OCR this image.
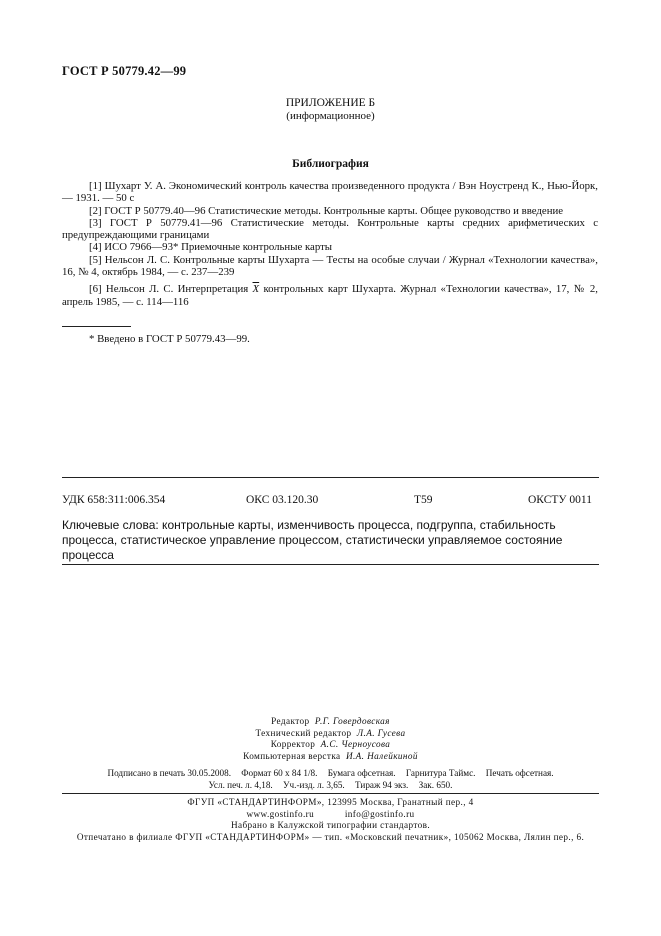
ГОСТ Р 50779.42—99
ПРИЛОЖЕНИЕ Б
(информационное)
Библиография

[1] Шухарт У. А. Экономический контроль качества произведенного продукта / Вэн Ноустренд К., Нью-Йорк, — 1931. — 50 с

[2] ГОСТ Р 50779.40—96 Статистические методы. Контрольные карты. Общее руководство и введение

[3] ГОСТ Р 50779.41—96 Статистические методы. Контрольные карты средних арифметических с предупреждающими границами

[4] ИСО 7966—93* Приемочные контрольные карты

[5] Нельсон Л. С. Контрольные карты Шухарта — Тесты на особые случаи / Журнал «Технологии качества», 16, № 4, октябрь 1984, — с. 237—239

[6] Нельсон Л. С. Интерпретация $\overline{X}$ контрольных карт Шухарта. Журнал «Технологии качества», 17, № 2, апрель 1985, — с. 114—116

* Введено в ГОСТ Р 50779.43—99.
УДК 658:311:006.354	ОКС 03.120.30	Т59	ОКСТУ 0011
Ключевые слова: контрольные карты, изменчивость процесса, подгруппа, стабильность процесса, статистическое управление процессом, статистически управляемое состояние процесса
Редактор Р.Г. Говердовская
Технический редактор Л.А. Гусева
Корректор А.С. Черноусова
Компьютерная верстка И.А. Налейкиной
Подписано в печать 30.05.2008. Формат 60 х 84 1/8. Бумага офсетная. Гарнитура Таймс. Печать офсетная.
Усл. печ. л. 4,18. Уч.-изд. л. 3,65. Тираж 94 экз. Зак. 650.
ФГУП «СТАНДАРТИНФОРМ», 123995 Москва, Гранатный пер., 4
www.gostinfo.ru	info@gostinfo.ru
Набрано в Калужской типографии стандартов.
Отпечатано в филиале ФГУП «СТАНДАРТИНФОРМ» — тип. «Московский печатник», 105062 Москва, Лялин пер., 6.
